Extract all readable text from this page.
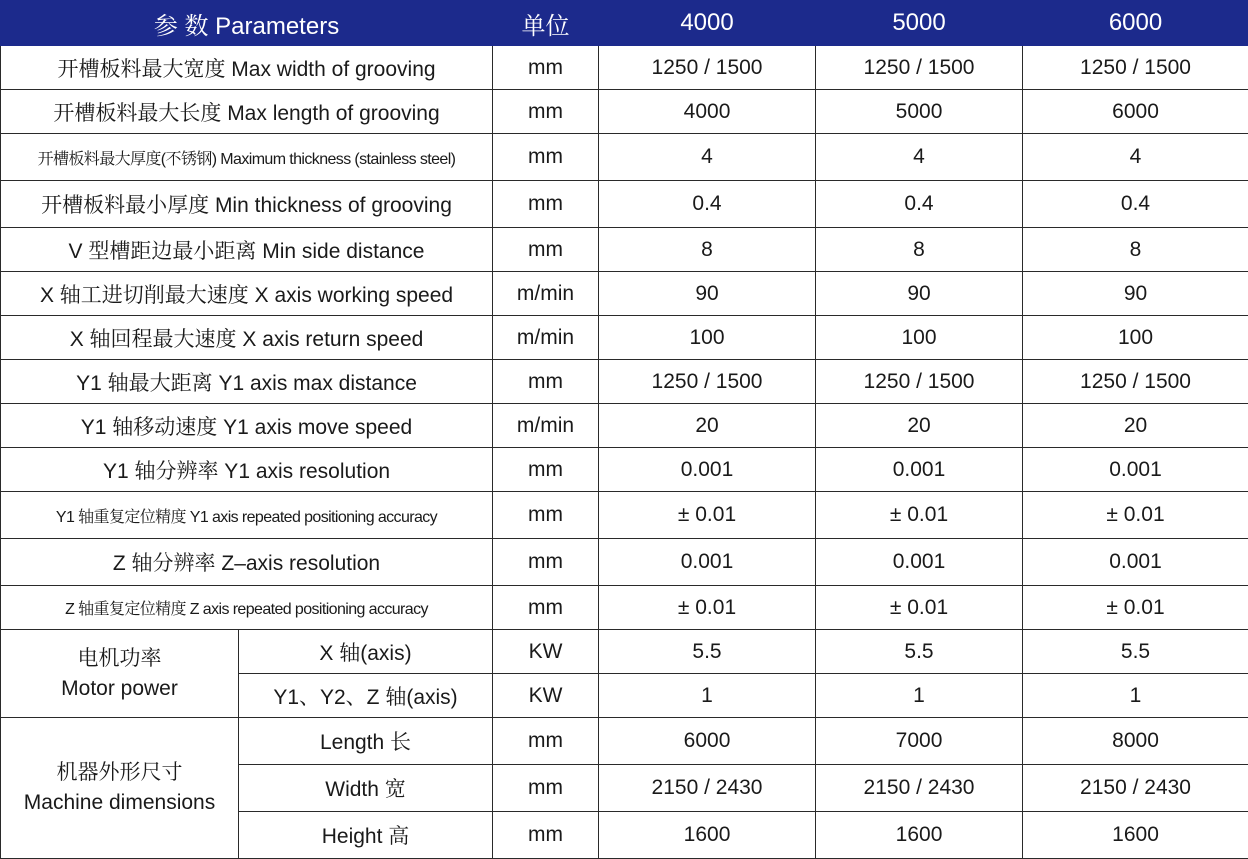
参 数 Parameters		单位	4000	5000	6000
开槽板料最大宽度 Max width of grooving		mm	1250 / 1500	1250 / 1500	1250 / 1500
开槽板料最大长度 Max length of grooving		mm	4000	5000	6000
开槽板料最大厚度(不锈钢) Maximum thickness (stainless steel)		mm	4	4	4
开槽板料最小厚度 Min thickness of grooving		mm	0.4	0.4	0.4
V 型槽距边最小距离 Min side distance		mm	8	8	8
X 轴工进切削最大速度 X axis working speed		m/min	90	90	90
X 轴回程最大速度 X axis return speed		m/min	100	100	100
Y1 轴最大距离 Y1 axis max distance		mm	1250 / 1500	1250 / 1500	1250 / 1500
Y1 轴移动速度 Y1 axis move speed		m/min	20	20	20
Y1 轴分辨率 Y1 axis resolution		mm	0.001	0.001	0.001
Y1 轴重复定位精度 Y1 axis repeated positioning accuracy		mm	± 0.01	± 0.01	± 0.01
Z 轴分辨率 Z–axis resolution		mm	0.001	0.001	0.001
Z 轴重复定位精度 Z axis repeated positioning accuracy		mm	± 0.01	± 0.01	± 0.01

电机功率
Motor power	X 轴(axis)	KW	5.5	5.5	5.5
	Y1、Y2、Z 轴(axis)	KW	1	1	1

机器外形尺寸
Machine dimensions	Length 长	mm	6000	7000	8000
	Width 宽	mm	2150 / 2430	2150 / 2430	2150 / 2430
	Height 高	mm	1600	1600	1600
